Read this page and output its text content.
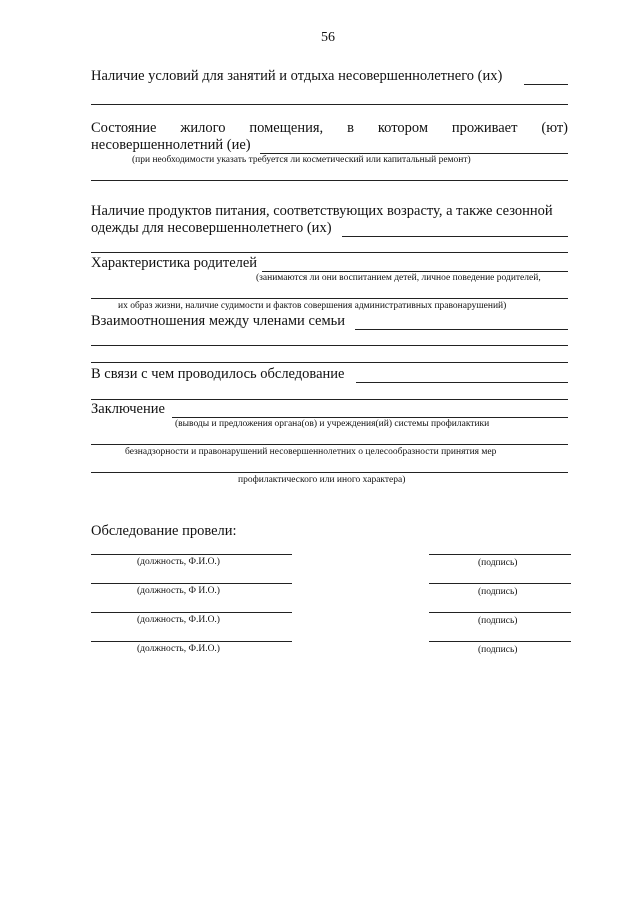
56
Наличие условий для занятий и отдыха несовершеннолетнего (их)
Состояние жилого помещения, в котором проживает (ют)
несовершеннолетний (ие)
(при необходимости указать требуется ли косметический или капитальный ремонт)
Наличие продуктов питания, соответствующих возрасту, а также сезонной
одежды для несовершеннолетнего (их)
Характеристика родителей
(занимаются ли они воспитанием детей, личное поведение родителей,
их образ жизни, наличие судимости и фактов совершения административных правонарушений)
Взаимоотношения между членами семьи
В связи с чем проводилось обследование
Заключение
(выводы и предложения органа(ов) и учреждения(ий) системы профилактики
безнадзорности и правонарушений несовершеннолетних о целесообразности принятия мер
профилактического или иного характера)
Обследование провели:
(должность, Ф.И.О.)	(подпись)
(должность, Ф И.О.)	(подпись)
(должность, Ф.И.О.)	(подпись)
(должность, Ф.И.О.)	(подпись)
